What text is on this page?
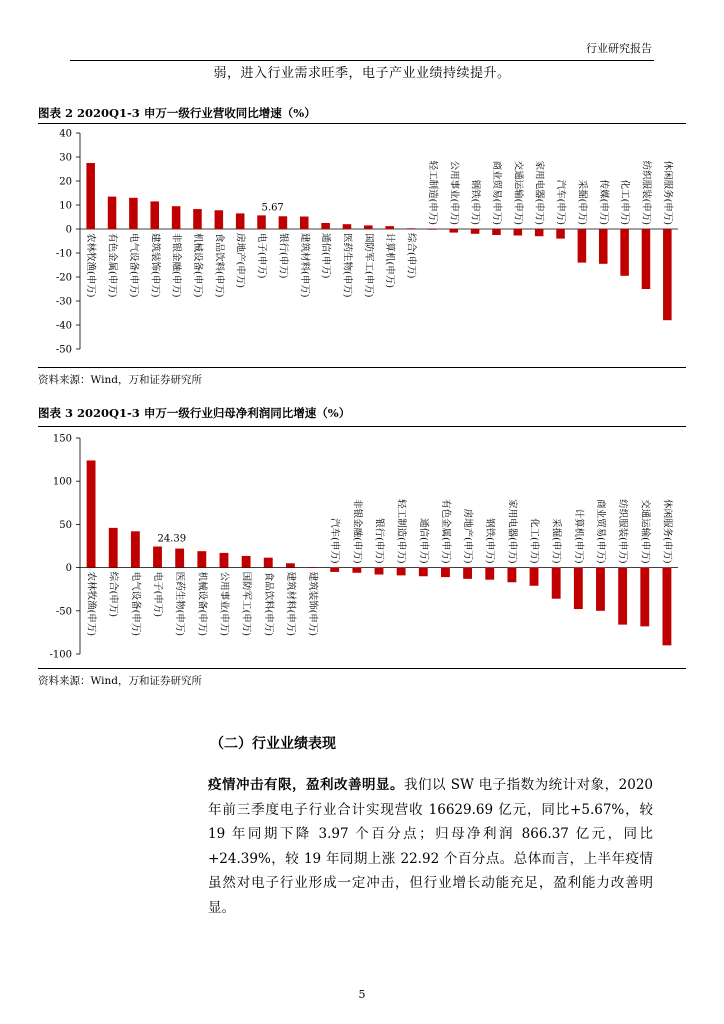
行业研究报告
弱，进入行业需求旺季，电子产业业绩持续提升。
图表 2 2020Q1-3 申万一级行业营收同比增速（%）
-50
-40
-30
-20
-10
0
10
20
30
40
农林牧渔(申万) 有色金属(申万) 电气设备(申万) 建筑装饰(申万) 非银金融(申万) 机械设备(申万) 食品饮料(申万) 房地产(申万) 电子(申万) 银行(申万) 建筑材料(申万) 通信(申万) 医药生物(申万) 国防军工(申万) 计算机(申万) 综合(申万)
轻工制造(申万) 公用事业(申万) 钢铁(申万) 商业贸易(申万) 交通运输(申万) 家用电器(申万) 汽车(申万) 采掘(申万) 传媒(申万) 化工(申万) 纺织服装(申万) 休闲服务(申万)
5.67
资料来源：Wind，万和证券研究所
图表 3 2020Q1-3 申万一级行业归母净利润同比增速（%）
-100
-50
0
50
100
150
农林牧渔(申万) 综合(申万) 电气设备(申万) 电子(申万) 医药生物(申万) 机械设备(申万) 公用事业(申万) 国防军工(申万) 食品饮料(申万) 建筑材料(申万) 建筑装饰(申万)
汽车(申万) 非银金融(申万) 银行(申万) 轻工制造(申万) 通信(申万) 有色金属(申万) 房地产(申万) 钢铁(申万) 家用电器(申万) 化工(申万) 采掘(申万) 计算机(申万) 商业贸易(申万) 纺织服装(申万) 交通运输(申万) 休闲服务(申万)
24.39
资料来源：Wind，万和证券研究所
（二）行业业绩表现
疫情冲击有限，盈利改善明显。我们以 SW 电子指数为统计对象，2020 年前三季度电子行业合计实现营收 16629.69 亿元，同比+5.67%，较 19 年同期下降 3.97 个百分点；归母净利润 866.37 亿元，同比+24.39%，较 19 年同期上涨 22.92 个百分点。总体而言，上半年疫情虽然对电子行业形成一定冲击，但行业增长动能充足，盈利能力改善明显。
5
